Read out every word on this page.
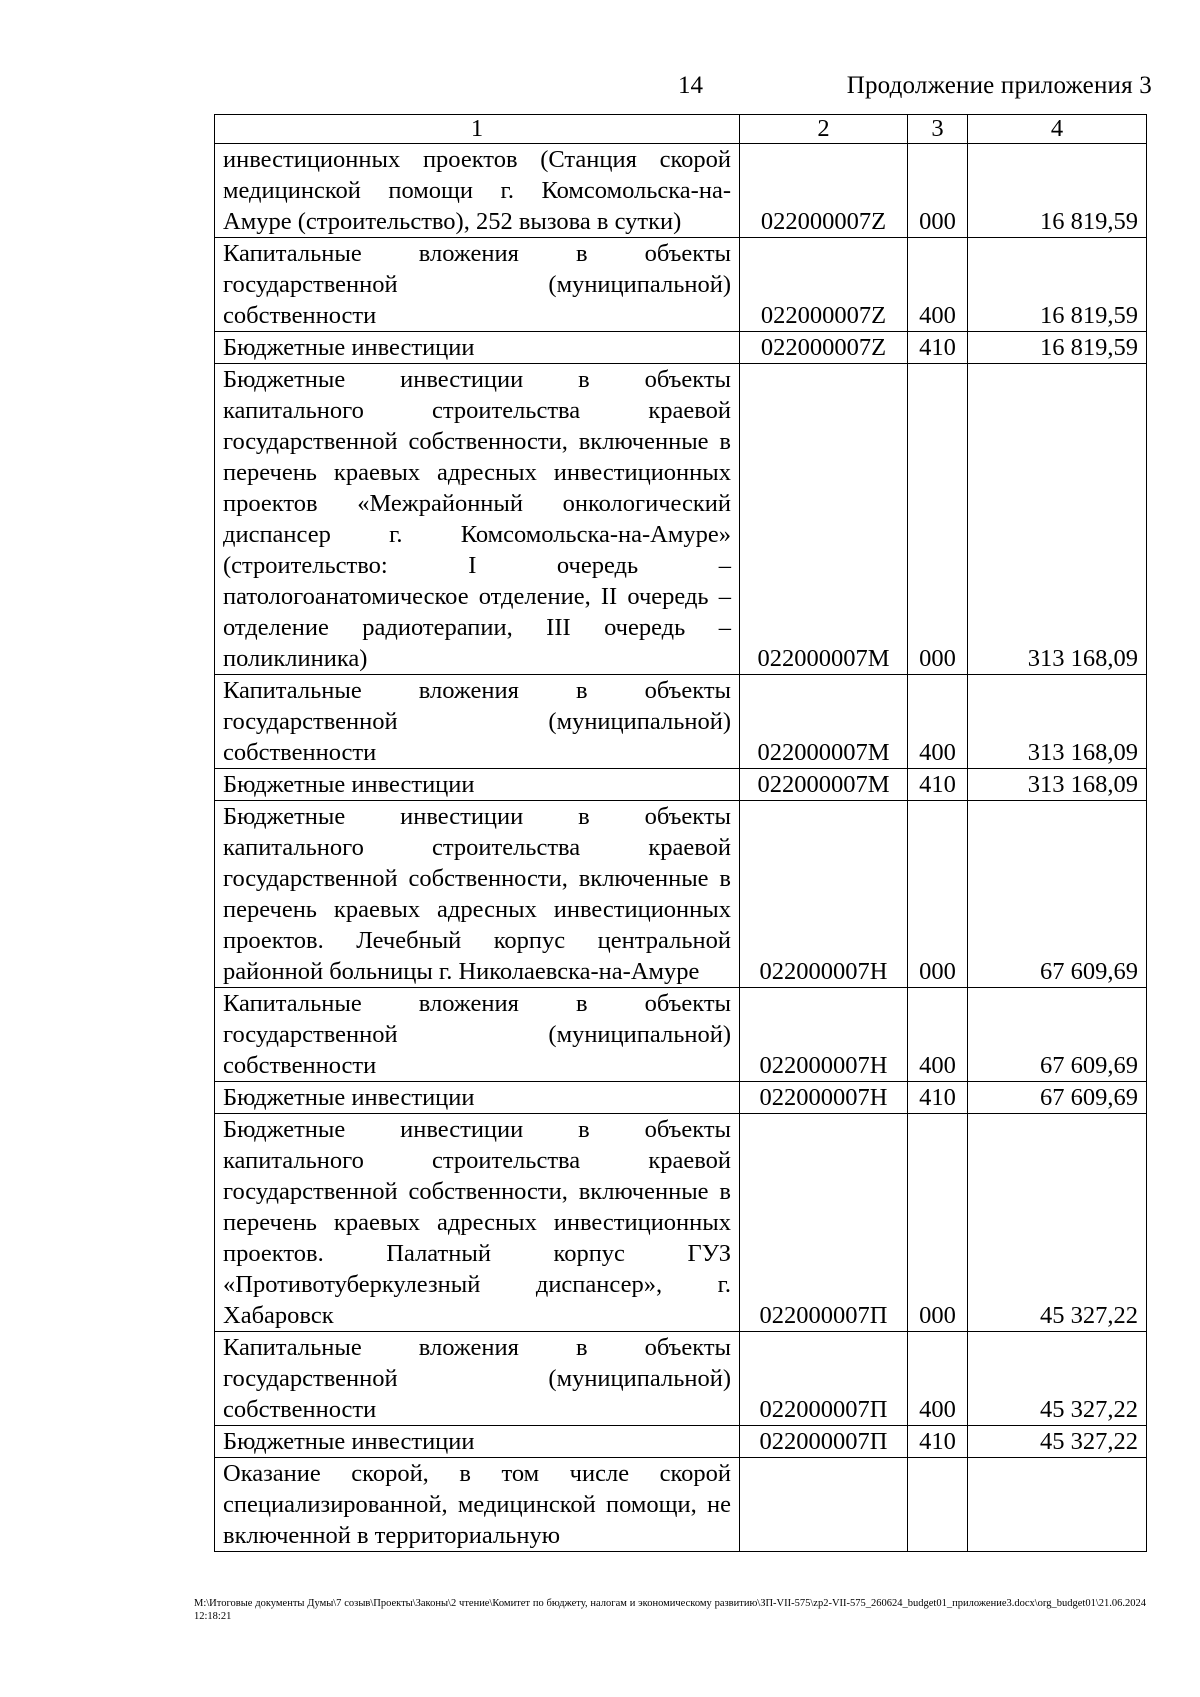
14	Продолжение приложения 3
1	2	3	4
инвестиционных проектов (Станция скорой медицинской помощи г. Комсомольска-на-Амуре (строительство), 252 вызова в сутки)	022000007Z	000	16 819,59
Капитальные вложения в объекты государственной (муниципальной) собственности	022000007Z	400	16 819,59
Бюджетные инвестиции	022000007Z	410	16 819,59
Бюджетные инвестиции в объекты капитального строительства краевой государственной собственности, включенные в перечень краевых адресных инвестиционных проектов «Межрайонный онкологический диспансер г. Комсомольска-на-Амуре» (строительство: I очередь – патологоанатомическое отделение, II очередь – отделение радиотерапии, III очередь – поликлиника)	022000007M	000	313 168,09
Капитальные вложения в объекты государственной (муниципальной) собственности	022000007M	400	313 168,09
Бюджетные инвестиции	022000007M	410	313 168,09
Бюджетные инвестиции в объекты капитального строительства краевой государственной собственности, включенные в перечень краевых адресных инвестиционных проектов. Лечебный корпус центральной районной больницы г. Николаевска-на-Амуре	022000007H	000	67 609,69
Капитальные вложения в объекты государственной (муниципальной) собственности	022000007H	400	67 609,69
Бюджетные инвестиции	022000007H	410	67 609,69
Бюджетные инвестиции в объекты капитального строительства краевой государственной собственности, включенные в перечень краевых адресных инвестиционных проектов. Палатный корпус ГУЗ «Противотуберкулезный диспансер», г. Хабаровск	022000007П	000	45 327,22
Капитальные вложения в объекты государственной (муниципальной) собственности	022000007П	400	45 327,22
Бюджетные инвестиции	022000007П	410	45 327,22
Оказание скорой, в том числе скорой специализированной, медицинской помощи, не включенной в территориальную			
M:\Итоговые документы Думы\7 созыв\Проекты\Законы\2 чтение\Комитет по бюджету, налогам и экономическому развитию\ЗП-VII-575\zp2-VII-575_260624_budget01_приложение3.docx\org_budget01\21.06.2024 12:18:21
